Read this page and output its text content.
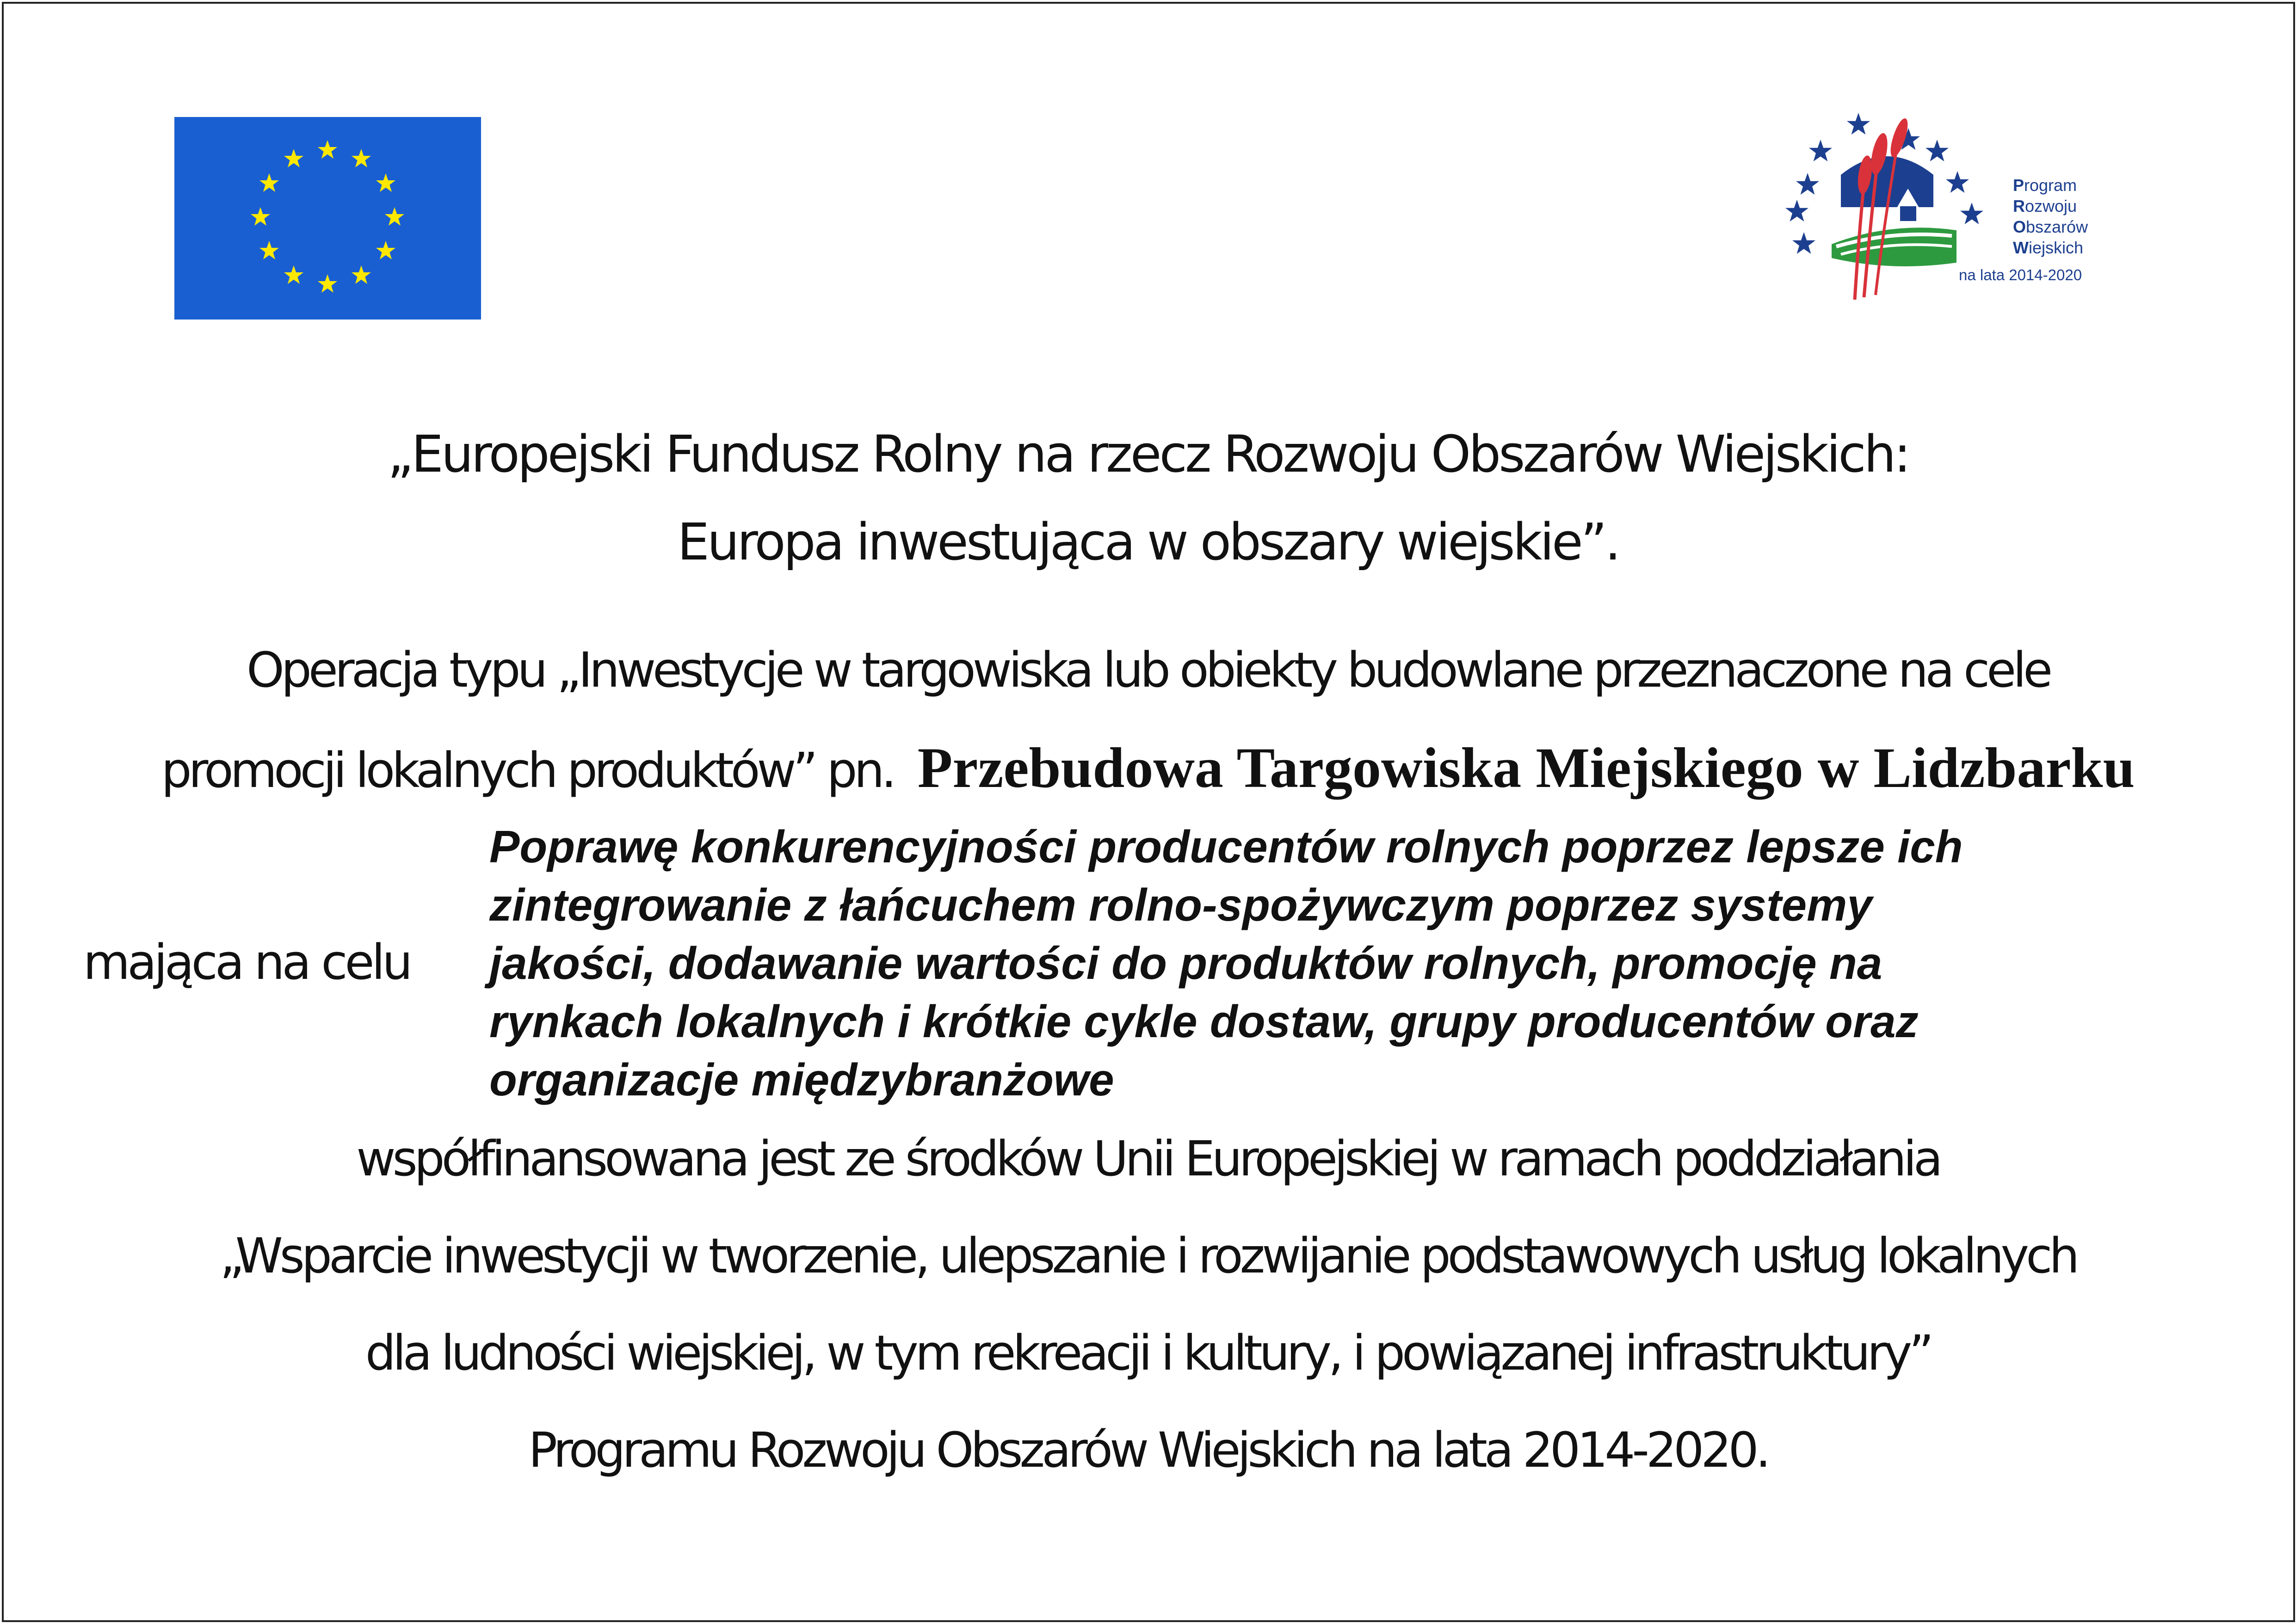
Program
Rozwoju
Obszarów
Wiejskich
na lata 2014-2020
„Europejski Fundusz Rolny na rzecz Rozwoju Obszarów Wiejskich:
Europa inwestująca w obszary wiejskie”.
Operacja typu „Inwestycje w targowiska lub obiekty budowlane przeznaczone na cele
promocji lokalnych produktów” pn. Przebudowa Targowiska Miejskiego w Lidzbarku
mająca na celu
Poprawę konkurencyjności producentów rolnych poprzez lepsze ich
zintegrowanie z łańcuchem rolno-spożywczym poprzez systemy
jakości, dodawanie wartości do produktów rolnych, promocję na
rynkach lokalnych i krótkie cykle dostaw, grupy producentów oraz
organizacje międzybranżowe
współfinansowana jest ze środków Unii Europejskiej w ramach poddziałania
„Wsparcie inwestycji w tworzenie, ulepszanie i rozwijanie podstawowych usług lokalnych
dla ludności wiejskiej, w tym rekreacji i kultury, i powiązanej infrastruktury”
Programu Rozwoju Obszarów Wiejskich na lata 2014-2020.
